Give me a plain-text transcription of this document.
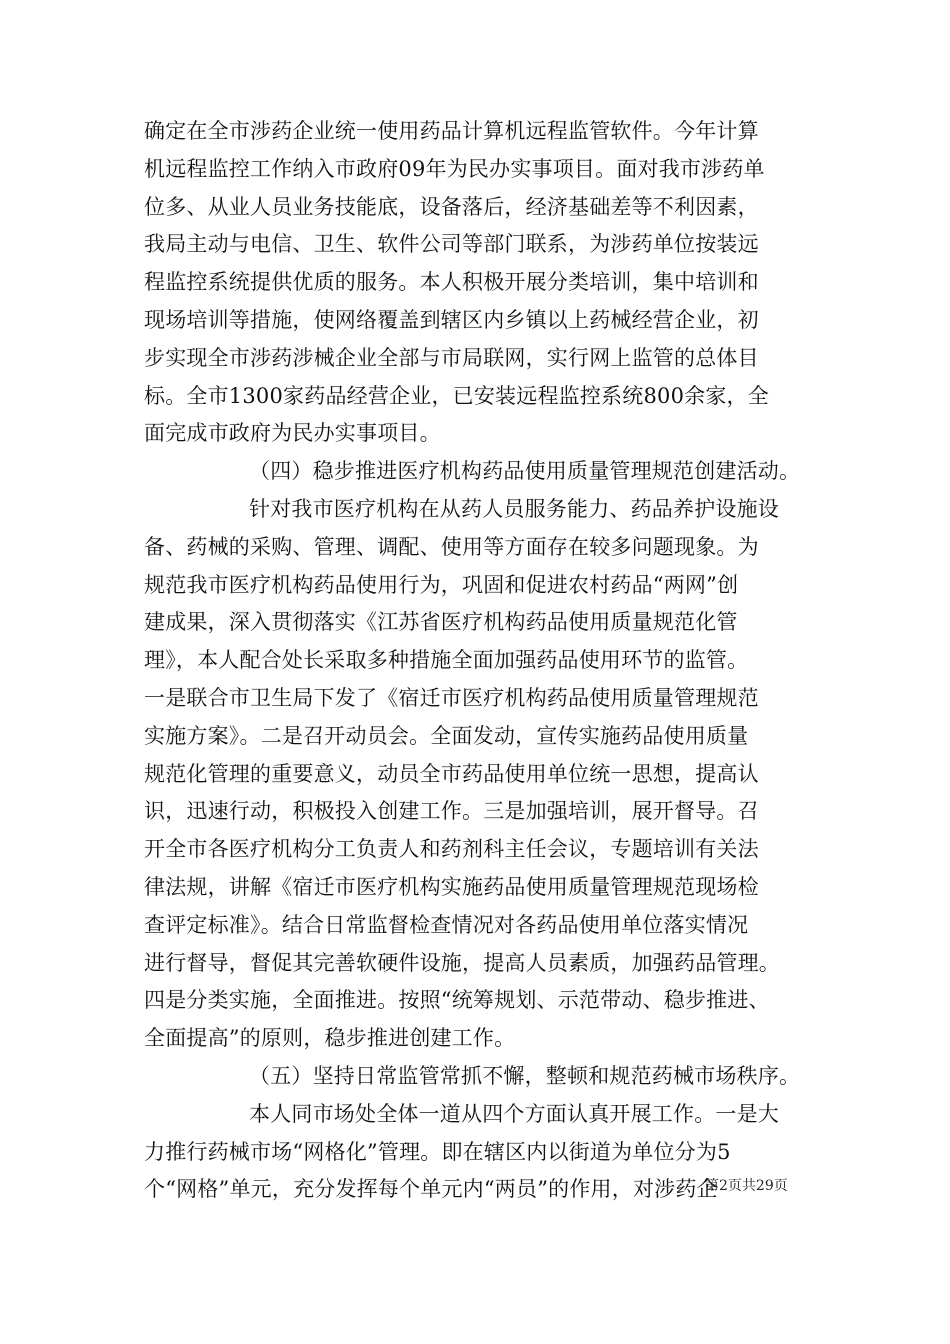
确定在全市涉药企业统一使用药品计算机远程监管软件。今年计算
机远程监控工作纳入市政府09年为民办实事项目。面对我市涉药单
位多、从业人员业务技能底，设备落后，经济基础差等不利因素，
我局主动与电信、卫生、软件公司等部门联系，为涉药单位按装远
程监控系统提供优质的服务。本人积极开展分类培训，集中培训和
现场培训等措施，使网络覆盖到辖区内乡镇以上药械经营企业，初
步实现全市涉药涉械企业全部与市局联网，实行网上监管的总体目
标。全市1300家药品经营企业，已安装远程监控系统800余家，全
面完成市政府为民办实事项目。
（四）稳步推进医疗机构药品使用质量管理规范创建活动。
针对我市医疗机构在从药人员服务能力、药品养护设施设
备、药械的采购、管理、调配、使用等方面存在较多问题现象。为
规范我市医疗机构药品使用行为，巩固和促进农村药品“两网”创
建成果，深入贯彻落实《江苏省医疗机构药品使用质量规范化管
理》，本人配合处长采取多种措施全面加强药品使用环节的监管。
一是联合市卫生局下发了《宿迁市医疗机构药品使用质量管理规范
实施方案》。二是召开动员会。全面发动，宣传实施药品使用质量
规范化管理的重要意义，动员全市药品使用单位统一思想，提高认
识，迅速行动，积极投入创建工作。三是加强培训，展开督导。召
开全市各医疗机构分工负责人和药剂科主任会议，专题培训有关法
律法规，讲解《宿迁市医疗机构实施药品使用质量管理规范现场检
查评定标准》。结合日常监督检查情况对各药品使用单位落实情况
进行督导，督促其完善软硬件设施，提高人员素质，加强药品管理。
四是分类实施，全面推进。按照“统筹规划、示范带动、稳步推进、
全面提高”的原则，稳步推进创建工作。
（五）坚持日常监管常抓不懈，整顿和规范药械市场秩序。
本人同市场处全体一道从四个方面认真开展工作。一是大
力推行药械市场“网格化”管理。即在辖区内以街道为单位分为5
个“网格”单元，充分发挥每个单元内“两员”的作用，对涉药企
第2页共29页
